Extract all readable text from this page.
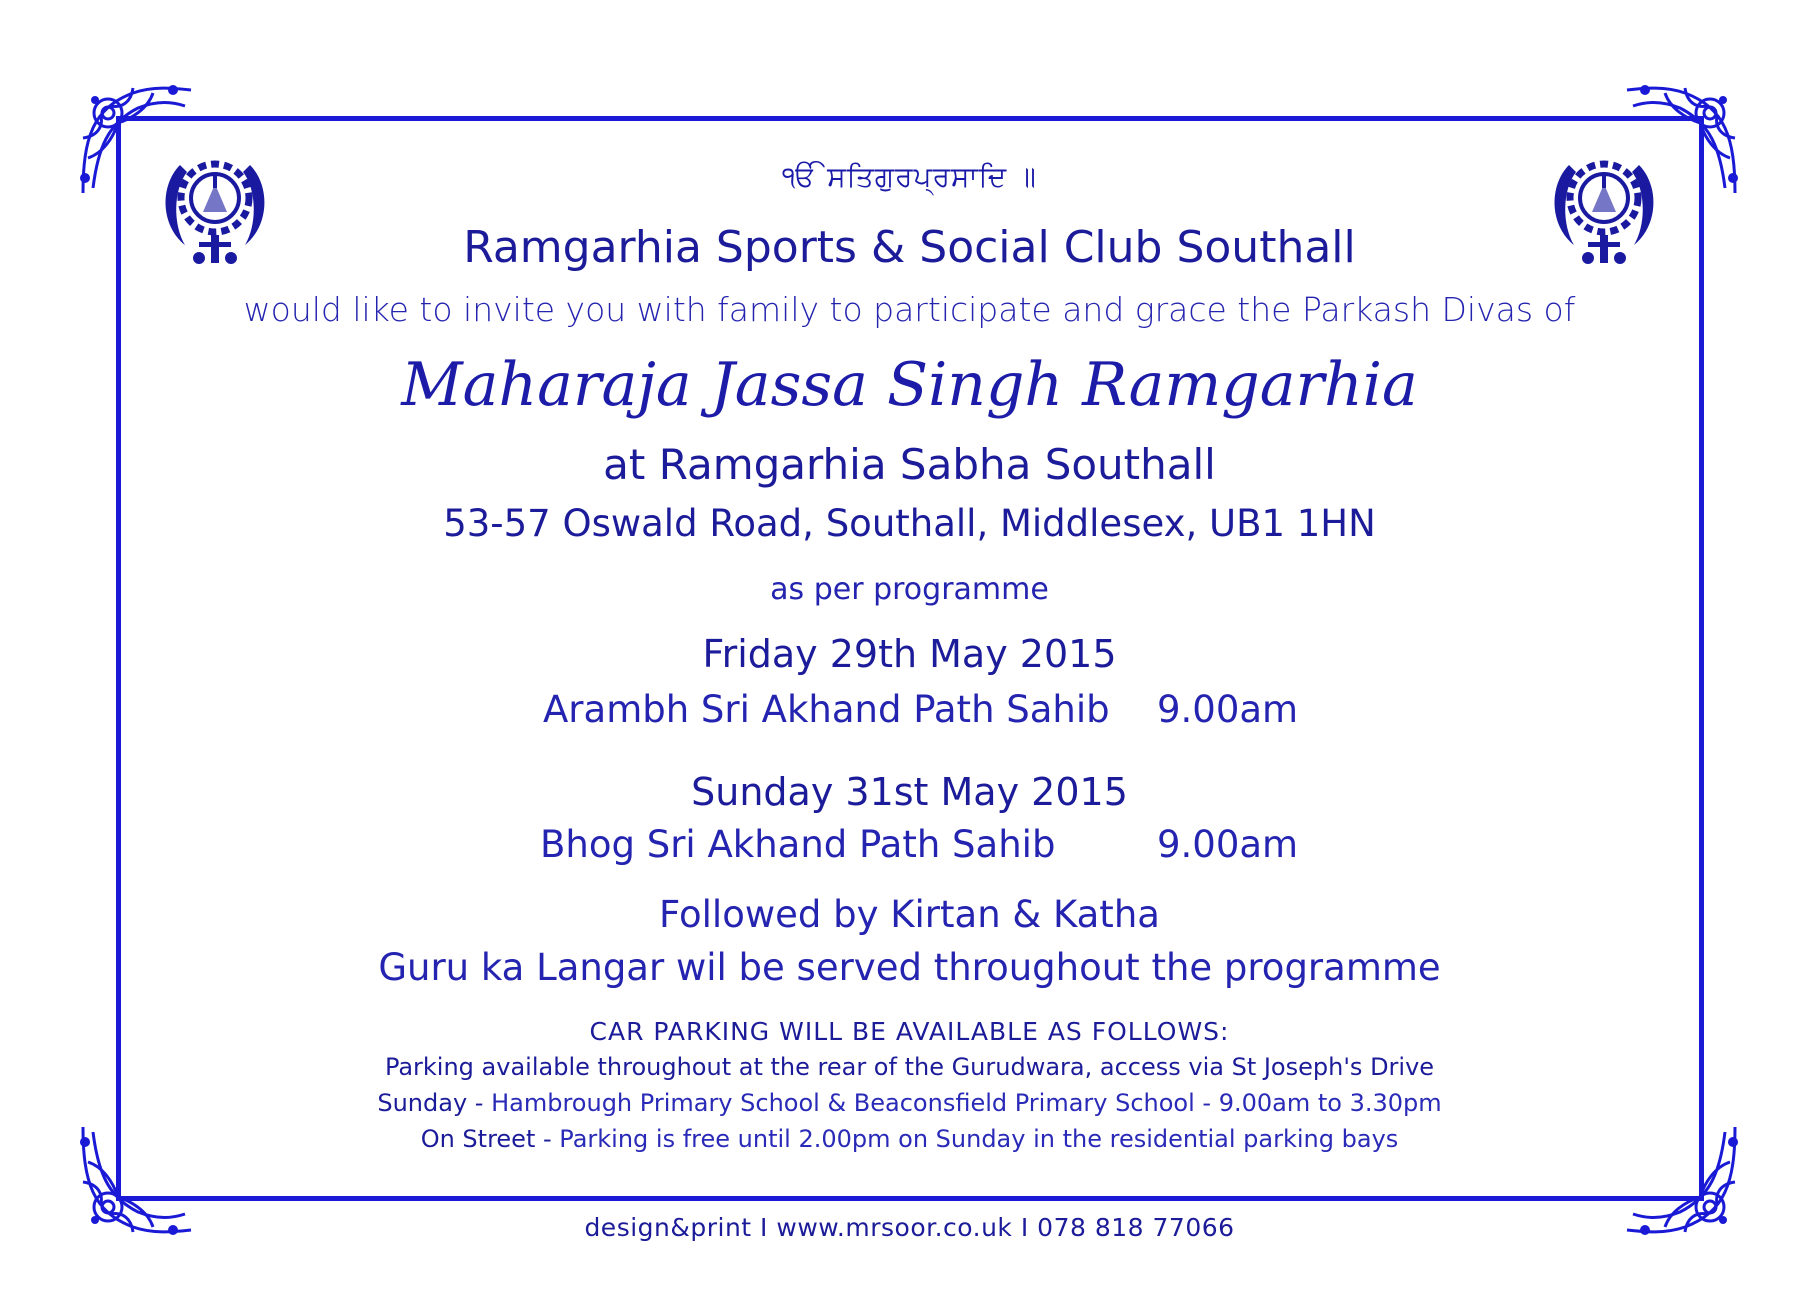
ੴ ਸਤਿਗੁਰਪ੍ਰਸਾਦਿ ॥
Ramgarhia Sports & Social Club Southall
would like to invite you with family to participate and grace the Parkash Divas of
Maharaja Jassa Singh Ramgarhia
at Ramgarhia Sabha Southall
53-57 Oswald Road, Southall, Middlesex, UB1 1HN
as per programme
Friday 29th May 2015
Arambh Sri Akhand Path Sahib 9.00am
Sunday 31st May 2015
Bhog Sri Akhand Path Sahib	9.00am
Followed by Kirtan & Katha
Guru ka Langar wil be served throughout the programme
CAR PARKING WILL BE AVAILABLE AS FOLLOWS:
Parking available throughout at the rear of the Gurudwara, access via St Joseph's Drive
Sunday - Hambrough Primary School & Beaconsfield Primary School - 9.00am to 3.30pm
On Street - Parking is free until 2.00pm on Sunday in the residential parking bays
design&print I www.mrsoor.co.uk I 078 818 77066
